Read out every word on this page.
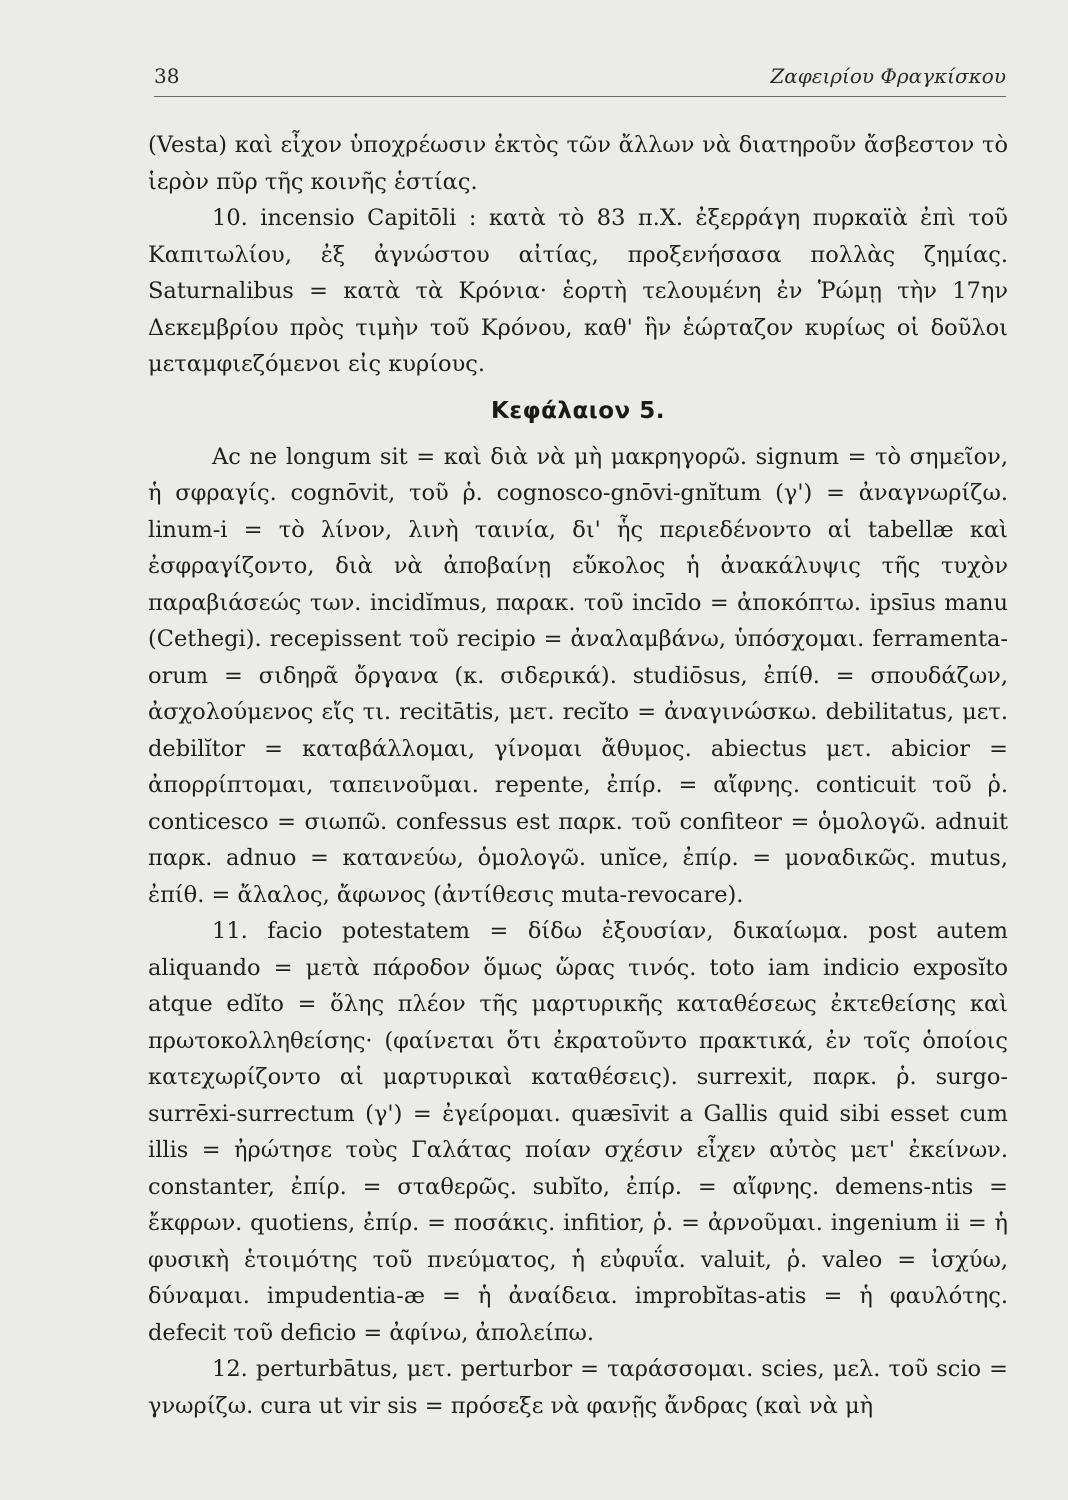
38	Ζαφειρίου Φραγκίσκου

(Vesta) καὶ εἶχον ὑποχρέωσιν ἐκτὸς τῶν ἄλλων νὰ διατηροῦν ἄσβεστον τὸ ἱερὸν πῦρ τῆς κοινῆς ἑστίας.

10. incensio Capitōli : κατὰ τὸ 83 π.Χ. ἐξερράγη πυρκαϊὰ ἐπὶ τοῦ Καπιτωλίου, ἐξ ἀγνώστου αἰτίας, προξενήσασα πολλὰς ζημίας. Saturnalibus = κατὰ τὰ Κρόνια· ἑορτὴ τελουμένη ἐν Ῥώμῃ τὴν 17ην Δεκεμβρίου πρὸς τιμὴν τοῦ Κρόνου, καθ' ἣν ἑώρταζον κυρίως οἱ δοῦλοι μεταμφιεζόμενοι εἰς κυρίους.

Κεφάλαιον 5.

Ac ne longum sit = καὶ διὰ νὰ μὴ μακρηγορῶ. signum = τὸ σημεῖον, ἡ σφραγίς. cognōvit, τοῦ ῥ. cognosco-gnōvi-gnĭtum (γ') = ἀναγνωρίζω. linum-i = τὸ λίνον, λινὴ ταινία, δι' ἧς περιεδένοντο αἱ tabellæ καὶ ἐσφραγίζοντο, διὰ νὰ ἀποβαίνῃ εὔκολος ἡ ἀνακάλυψις τῆς τυχὸν παραβιάσεώς των. incidĭmus, παρακ. τοῦ incīdo = ἀποκόπτω. ipsīus manu (Cethegi). recepissent τοῦ recipio = ἀναλαμβάνω, ὑπόσχομαι. ferramenta-orum = σιδηρᾶ ὄργανα (κ. σιδερικά). studiōsus, ἐπίθ. = σπουδάζων, ἀσχολούμενος εἴς τι. recitātis, μετ. recĭto = ἀναγινώσκω. debilitatus, μετ. debilĭtor = καταβάλλομαι, γίνομαι ἄθυμος. abiectus μετ. abicior = ἀπορρίπτομαι, ταπεινοῦμαι. repente, ἐπίρ. = αἴφνης. conticuit τοῦ ῥ. conticesco = σιωπῶ. confessus est παρκ. τοῦ confiteor = ὁμολογῶ. adnuit παρκ. adnuo = κατανεύω, ὁμολογῶ. unĭce, ἐπίρ. = μοναδικῶς. mutus, ἐπίθ. = ἄλαλος, ἄφωνος (ἀντίθεσις muta-revocare).

11. facio potestatem = δίδω ἐξουσίαν, δικαίωμα. post autem aliquando = μετὰ πάροδον ὅμως ὥρας τινός. toto iam indicio exposĭto atque edĭto = ὅλης πλέον τῆς μαρτυρικῆς καταθέσεως ἐκτεθείσης καὶ πρωτοκολληθείσης· (φαίνεται ὅτι ἐκρατοῦντο πρακτικά, ἐν τοῖς ὁποίοις κατεχωρίζοντο αἱ μαρτυρικαὶ καταθέσεις). surrexit, παρκ. ῥ. surgo-surrēxi-surrectum (γ') = ἐγείρομαι. quæsīvit a Gallis quid sibi esset cum illis = ἠρώτησε τοὺς Γαλάτας ποίαν σχέσιν εἶχεν αὐτὸς μετ' ἐκείνων. constanter, ἐπίρ. = σταθερῶς. subĭto, ἐπίρ. = αἴφνης. demens-ntis = ἔκφρων. quotiens, ἐπίρ. = ποσάκις. infitior, ῥ. = ἀρνοῦμαι. ingenium ii = ἡ φυσικὴ ἑτοιμότης τοῦ πνεύματος, ἡ εὐφυΐα. valuit, ῥ. valeo = ἰσχύω, δύναμαι. impudentia-æ = ἡ ἀναίδεια. improbĭtas-atis = ἡ φαυλότης. defecit τοῦ deficio = ἀφίνω, ἀπολείπω.

12. perturbātus, μετ. perturbor = ταράσσομαι. scies, μελ. τοῦ scio = γνωρίζω. cura ut vir sis = πρόσεξε νὰ φανῇς ἄνδρας (καὶ νὰ μὴ
